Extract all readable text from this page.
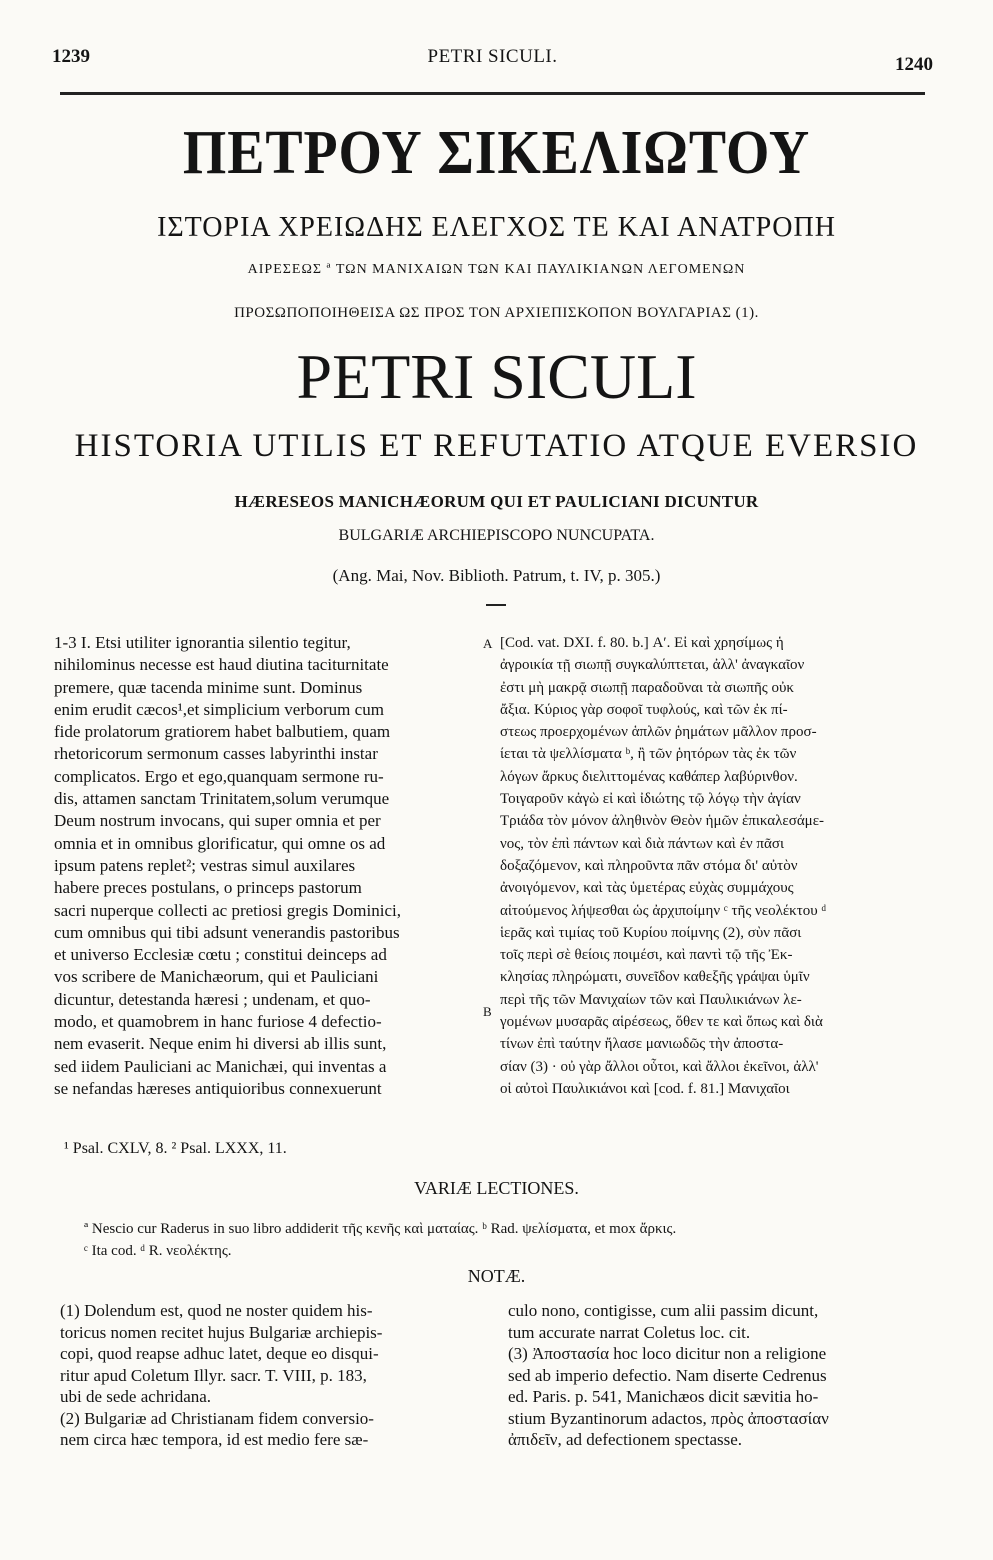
1239	PETRI SICULI.	1240
ΠΕΤΡΟΥ ΣΙΚΕΛΙΩΤΟΥ
ΙΣΤΟΡΙΑ ΧΡΕΙΩΔΗΣ ΕΛΕΓΧΟΣ ΤΕ ΚΑΙ ΑΝΑΤΡΟΠΗ
ΑΙΡΕΣΕΩΣ ª ΤΩΝ ΜΑΝΙΧΑΙΩΝ ΤΩΝ ΚΑΙ ΠΑΥΛΙΚΙΑΝΩΝ ΛΕΓΟΜΕΝΩΝ
ΠΡΟΣΩΠΟΠΟΙΗΘΕΙΣΑ ΩΣ ΠΡΟΣ ΤΟΝ ΑΡΧΙΕΠΙΣΚΟΠΟΝ ΒΟΥΛΓΑΡΙΑΣ (1).
PETRI SICULI
HISTORIA UTILIS ET REFUTATIO ATQUE EVERSIO
HÆRESEOS MANICHÆORUM QUI ET PAULICIANI DICUNTUR
BULGARIÆ ARCHIEPISCOPO NUNCUPATA.
(Ang. Mai, Nov. Biblioth. Patrum, t. IV, p. 305.)
1-3 I. Etsi utiliter ignorantia silentio tegitur,
nihilominus necesse est haud diutina taciturnitate
premere, quæ tacenda minime sunt. Dominus
enim erudit cæcos¹,et simplicium verborum cum
fide prolatorum gratiorem habet balbutiem, quam
rhetoricorum sermonum casses labyrinthi instar
complicatos. Ergo et ego,quanquam sermone ru-
dis, attamen sanctam Trinitatem,solum verumque
Deum nostrum invocans, qui super omnia et per
omnia et in omnibus glorificatur, qui omne os ad
ipsum patens replet²; vestras simul auxilares
habere preces postulans, o princeps pastorum
sacri nuperque collecti ac pretiosi gregis Dominici,
cum omnibus qui tibi adsunt venerandis pastoribus
et universo Ecclesiæ cœtu ; constitui deinceps ad
vos scribere de Manichæorum, qui et Pauliciani
dicuntur, detestanda hæresi ; undenam, et quo-
modo, et quamobrem in hanc furiose 4 defectio-
nem evaserit. Neque enim hi diversi ab illis sunt,
sed iidem Pauliciani ac Manichæi, qui inventas a
se nefandas hæreses antiquioribus connexuerunt
A
B
[Cod. vat. DXI. f. 80. b.] Αʹ. Εἰ καὶ χρησίμως ἡ
ἀγροικία τῇ σιωπῇ συγκαλύπτεται, ἀλλ' ἀναγκαῖον
ἐστι μὴ μακρᾷ σιωπῇ παραδοῦναι τὰ σιωπῆς οὐκ
ἄξια. Κύριος γὰρ σοφοῖ τυφλούς, καὶ τῶν ἐκ πί-
στεως προερχομένων ἁπλῶν ῥημάτων μᾶλλον προσ-
ίεται τὰ ψελλίσματα ᵇ, ἢ τῶν ῥητόρων τὰς ἐκ τῶν
λόγων ἄρκυς διελιττομένας καθάπερ λαβύρινθον.
Τοιγαροῦν κἀγὼ εἰ καὶ ἰδιώτης τῷ λόγῳ τὴν ἁγίαν
Τριάδα τὸν μόνον ἀληθινὸν Θεὸν ἡμῶν ἐπικαλεσάμε-
νος, τὸν ἐπὶ πάντων καὶ διὰ πάντων καὶ ἐν πᾶσι
δοξαζόμενον, καὶ πληροῦντα πᾶν στόμα δι' αὐτὸν
ἀνοιγόμενον, καὶ τὰς ὑμετέρας εὐχὰς συμμάχους
αἰτούμενος λήψεσθαι ὡς ἀρχιποίμην ᶜ τῆς νεολέκτου ᵈ
ἱερᾶς καὶ τιμίας τοῦ Κυρίου ποίμνης (2), σὺν πᾶσι
τοῖς περὶ σὲ θείοις ποιμέσι, καὶ παντὶ τῷ τῆς Ἐκ-
κλησίας πληρώματι, συνεῖδον καθεξῆς γράψαι ὑμῖν
περὶ τῆς τῶν Μανιχαίων τῶν καὶ Παυλικιάνων λε-
γομένων μυσαρᾶς αἱρέσεως, ὅθεν τε καὶ ὅπως καὶ διὰ
τίνων ἐπὶ ταύτην ἤλασε μανιωδῶς τὴν ἀποστα-
σίαν (3) · οὐ γὰρ ἄλλοι οὗτοι, καὶ ἄλλοι ἐκεῖνοι, ἀλλ'
οἱ αὐτοὶ Παυλικιάνοι καὶ [cod. f. 81.] Μανιχαῖοι
¹ Psal. CXLV, 8. ² Psal. LXXX, 11.
VARIÆ LECTIONES.
ª Nescio cur Raderus in suo libro addiderit τῆς κενῆς καὶ ματαίας. ᵇ Rad. ψελίσματα, et mox ἄρκις.
ᶜ Ita cod. ᵈ R. νεολέκτης.
NOTÆ.
(1) Dolendum est, quod ne noster quidem his-
toricus nomen recitet hujus Bulgariæ archiepis-
copi, quod reapse adhuc latet, deque eo disqui-
ritur apud Coletum Illyr. sacr. T. VIII, p. 183,
ubi de sede achridana.
(2) Bulgariæ ad Christianam fidem conversio-
nem circa hæc tempora, id est medio fere sæ-
culo nono, contigisse, cum alii passim dicunt,
tum accurate narrat Coletus loc. cit.
(3) Ἀποστασία hoc loco dicitur non a religione
sed ab imperio defectio. Nam diserte Cedrenus
ed. Paris. p. 541, Manichæos dicit sævitia ho-
stium Byzantinorum adactos, πρὸς ἀποστασίαν
ἀπιδεῖν, ad defectionem spectasse.
